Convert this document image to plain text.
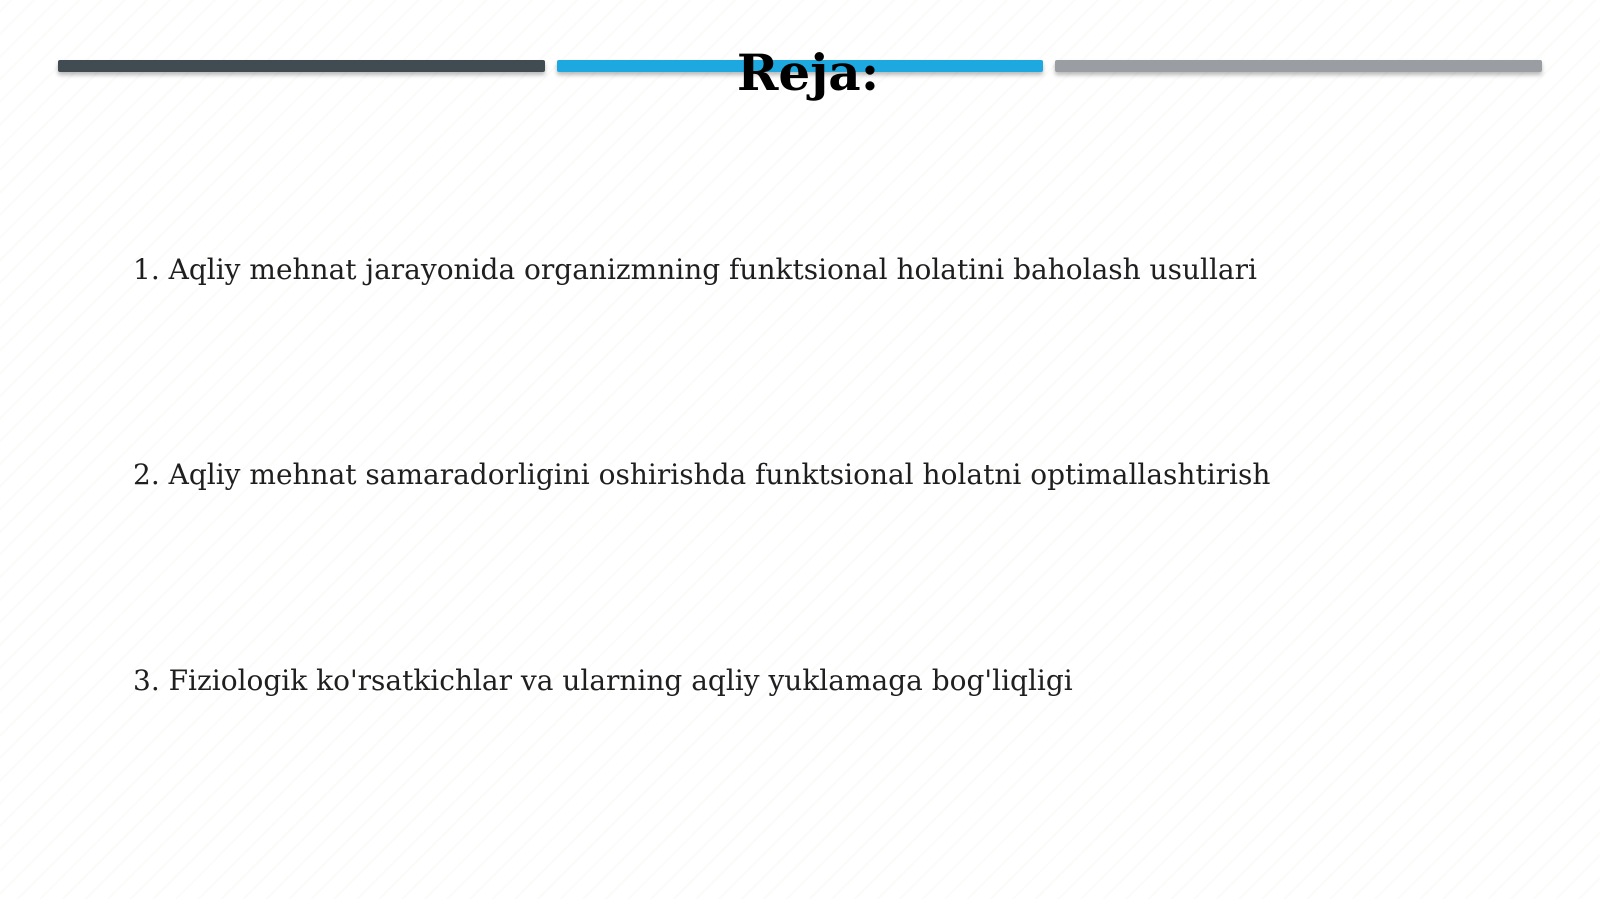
Reja:

1. Aqliy mehnat jarayonida organizmning funktsional holatini baholash usullari

2. Aqliy mehnat samaradorligini oshirishda funktsional holatni optimallashtirish

3. Fiziologik ko'rsatkichlar va ularning aqliy yuklamaga bog'liqligi
